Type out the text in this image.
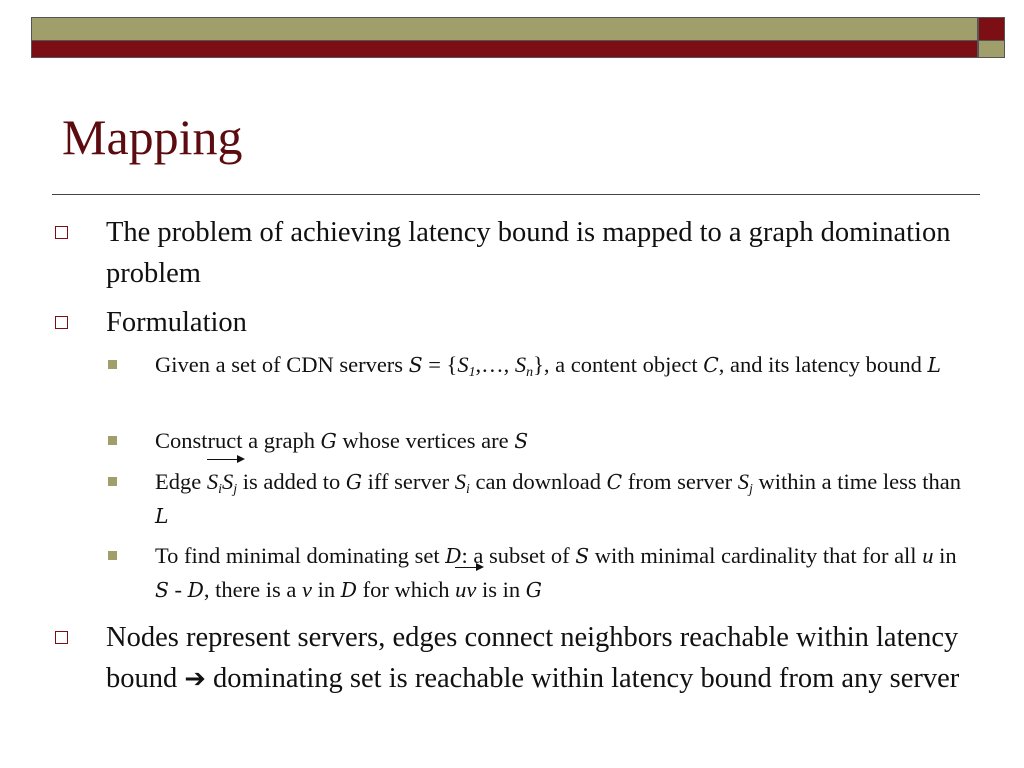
Mapping
The problem of achieving latency bound is mapped to a graph domination problem
Formulation
Given a set of CDN servers $S = \{S_1,\dots$, $S_n$}, a content object C, and its latency bound L
Construct a graph G whose vertices are S
Edge $S_iS_j$ is added to G iff server $S_i$ can download C from server $S_j$ within a time less than L
To find minimal dominating set D: a subset of S with minimal cardinality that for all u in S - D, there is a v in D for which uv is in G
Nodes represent servers, edges connect neighbors reachable within latency bound ➔ dominating set is reachable within latency bound from any server
